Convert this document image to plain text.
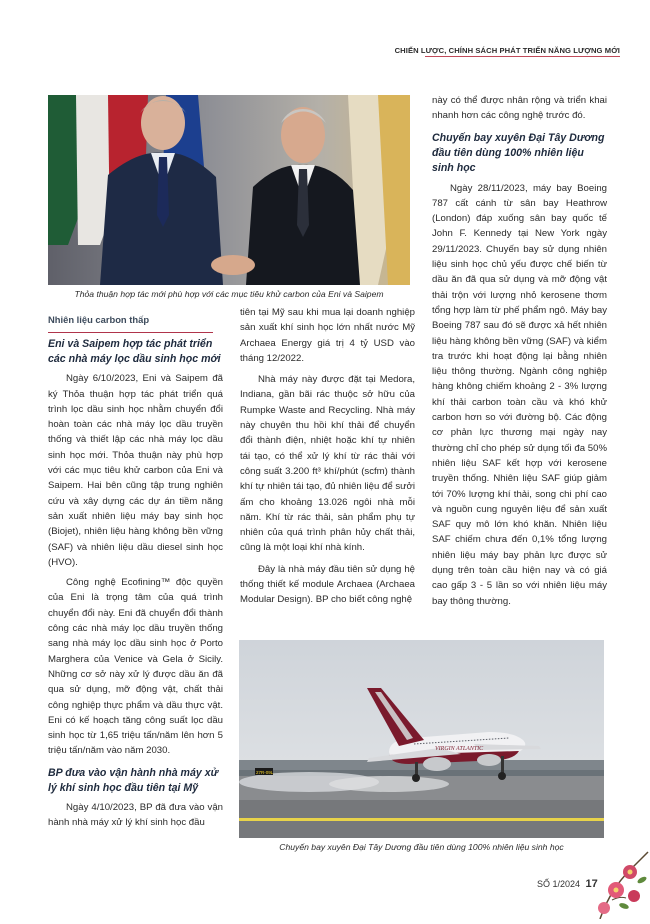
CHIẾN LƯỢC, CHÍNH SÁCH PHÁT TRIỂN NĂNG LƯỢNG MỚI
Thỏa thuận hợp tác mới phù hợp với các mục tiêu khử carbon của Eni và Saipem

Nhiên liệu carbon thấp

Eni và Saipem hợp tác phát triển các nhà máy lọc dầu sinh học mới

Ngày 6/10/2023, Eni và Saipem đã ký Thỏa thuận hợp tác phát triển quá trình lọc dầu sinh học nhằm chuyển đổi hoàn toàn các nhà máy lọc dầu truyền thống và thiết lập các nhà máy lọc dầu sinh học mới. Thỏa thuận này phù hợp với các mục tiêu khử carbon của Eni và Saipem. Hai bên cũng tập trung nghiên cứu và xây dựng các dự án tiềm năng sản xuất nhiên liệu máy bay sinh học (Biojet), nhiên liệu hàng không bền vững (SAF) và nhiên liệu dầu diesel sinh học (HVO).

Công nghệ Ecofining™ độc quyền của Eni là trọng tâm của quá trình chuyển đổi này. Eni đã chuyển đổi thành công các nhà máy lọc dầu truyền thống sang nhà máy lọc dầu sinh học ở Porto Marghera của Venice và Gela ở Sicily. Những cơ sở này xử lý được dầu ăn đã qua sử dụng, mỡ động vật, chất thải công nghiệp thực phẩm và dầu thực vật. Eni có kế hoạch tăng công suất lọc dầu sinh học từ 1,65 triệu tấn/năm lên hơn 5 triệu tấn/năm vào năm 2030.

BP đưa vào vận hành nhà máy xử lý khí sinh học đầu tiên tại Mỹ

Ngày 4/10/2023, BP đã đưa vào vận hành nhà máy xử lý khí sinh học đầu

tiên tại Mỹ sau khi mua lại doanh nghiệp sản xuất khí sinh học lớn nhất nước Mỹ Archaea Energy giá trị 4 tỷ USD vào tháng 12/2022.

Nhà máy này được đặt tại Medora, Indiana, gần bãi rác thuộc sở hữu của Rumpke Waste and Recycling. Nhà máy này chuyên thu hồi khí thải để chuyển đổi thành điện, nhiệt hoặc khí tự nhiên tái tạo, có thể xử lý khí từ rác thải với công suất 3.200 ft³ khí/phút (scfm) thành khí tự nhiên tái tạo, đủ nhiên liệu để sưởi ấm cho khoảng 13.026 ngôi nhà mỗi năm. Khí từ rác thải, sản phẩm phụ tự nhiên của quá trình phân hủy chất thải, cũng là một loại khí nhà kính.

Đây là nhà máy đầu tiên sử dụng hệ thống thiết kế module Archaea (Archaea Modular Design). BP cho biết công nghệ

này có thể được nhân rộng và triển khai nhanh hơn các công nghệ trước đó.

Chuyến bay xuyên Đại Tây Dương đầu tiên dùng 100% nhiên liệu sinh học

Ngày 28/11/2023, máy bay Boeing 787 cất cánh từ sân bay Heathrow (London) đáp xuống sân bay quốc tế John F. Kennedy tại New York ngày 29/11/2023. Chuyến bay sử dụng nhiên liệu sinh học chủ yếu được chế biến từ dầu ăn đã qua sử dụng và mỡ động vật thải trộn với lượng nhỏ kerosene thơm tổng hợp làm từ phế phẩm ngô. Máy bay Boeing 787 sau đó sẽ được xả hết nhiên liệu hàng không bền vững (SAF) và kiểm tra trước khi hoạt động lại bằng nhiên liệu thông thường. Ngành công nghiệp hàng không chiếm khoảng 2 - 3% lượng khí thải carbon toàn cầu và khó khử carbon hơn so với đường bộ. Các động cơ phản lực thương mại ngày nay thường chỉ cho phép sử dụng tối đa 50% nhiên liệu SAF kết hợp với kerosene truyền thống. Nhiên liệu SAF giúp giảm tới 70% lượng khí thải, song chi phí cao và nguồn cung nguyên liệu để sản xuất SAF quy mô lớn khó khăn. Nhiên liệu SAF chiếm chưa đến 0,1% tổng lượng nhiên liệu máy bay phản lực được sử dụng trên toàn cầu hiện nay và có giá cao gấp 3 - 5 lần so với nhiên liệu máy bay thông thường.

27R-09L
VIRGIN ATLANTIC
Chuyến bay xuyên Đại Tây Dương đầu tiên dùng 100% nhiên liệu sinh học
SỐ 1/2024 17
